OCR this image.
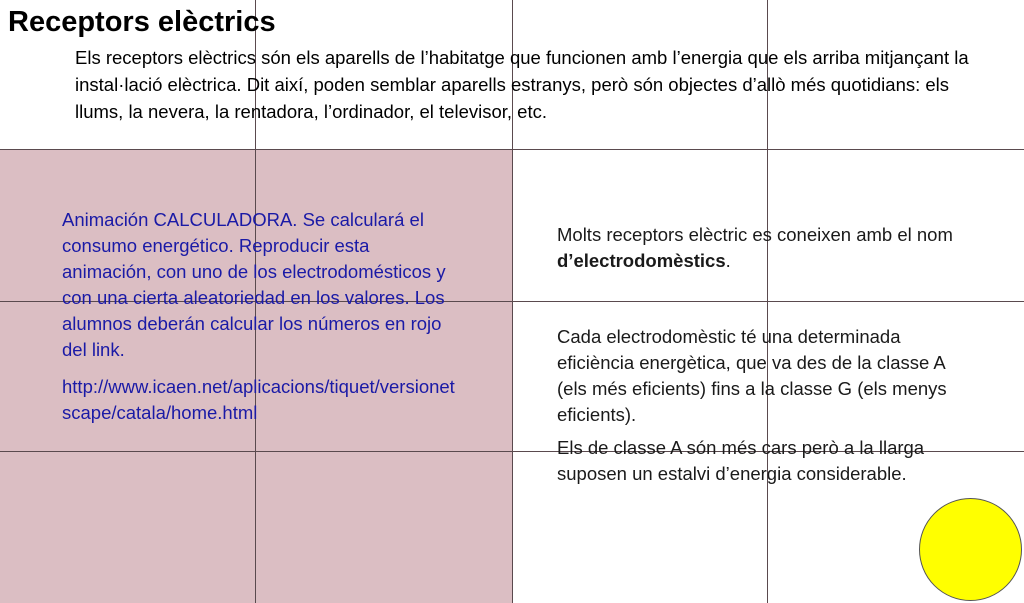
Receptors elèctrics

Els receptors elèctrics són els aparells de l’habitatge que funcionen amb l’energia que els arriba mitjançant la instal·lació elèctrica. Dit així, poden semblar aparells estranys, però són objectes d’allò més quotidians: els llums, la nevera, la rentadora, l’ordinador, el televisor, etc.

Animación CALCULADORA. Se calculará el consumo energético. Reproducir esta animación, con uno de los electrodomésticos y con una cierta aleatoriedad en los valores. Los alumnos deberán calcular los números en rojo del link.

http://www.icaen.net/aplicacions/tiquet/versionetscape/catala/home.html

Molts receptors elèctric es coneixen amb el nom d’electrodomèstics.

Cada electrodomèstic té una determinada eficiència energètica, que va des de la classe A (els més eficients) fins a la classe G (els menys eficients).

Els de classe A són més cars però a la llarga suposen un estalvi d’energia considerable.
